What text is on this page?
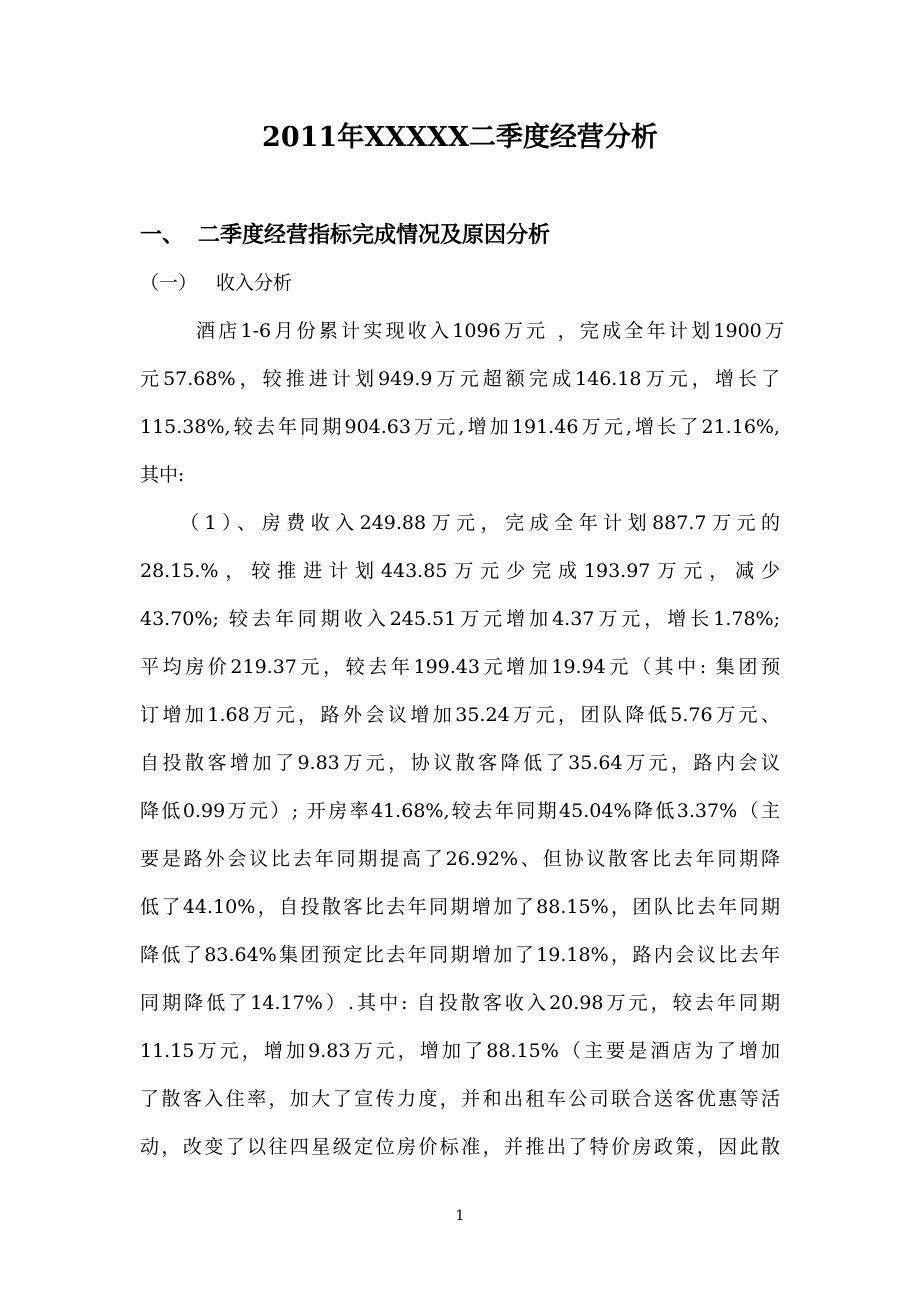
2011年XXXXX二季度经营分析
一、 二季度经营指标完成情况及原因分析
（一） 收入分析
酒店1-6月份累计实现收入1096万元 ，完成全年计划1900万
元57.68%，较推进计划949.9万元超额完成146.18万元，增长了
115.38%,较去年同期904.63万元,增加191.46万元,增长了21.16%,
其中:
（1）、房费收入249.88万元，完成全年计划887.7万元的
28.15.%，较推进计划443.85万元少完成193.97万元，减少
43.70%; 较去年同期收入245.51万元增加4.37万元，增长1.78%;
平均房价219.37元，较去年199.43元增加19.94元（其中: 集团预
订增加1.68万元，路外会议增加35.24万元，团队降低5.76万元、
自投散客增加了9.83万元，协议散客降低了35.64万元，路内会议
降低0.99万元）; 开房率41.68%,较去年同期45.04%降低3.37%（主
要是路外会议比去年同期提高了26.92%、但协议散客比去年同期降
低了44.10%，自投散客比去年同期增加了88.15%，团队比去年同期
降低了83.64%集团预定比去年同期增加了19.18%，路内会议比去年
同期降低了14.17%）.其中: 自投散客收入20.98万元，较去年同期
11.15万元，增加9.83万元，增加了88.15%（主要是酒店为了增加
了散客入住率，加大了宣传力度，并和出租车公司联合送客优惠等活
动，改变了以往四星级定位房价标准，并推出了特价房政策，因此散
1
